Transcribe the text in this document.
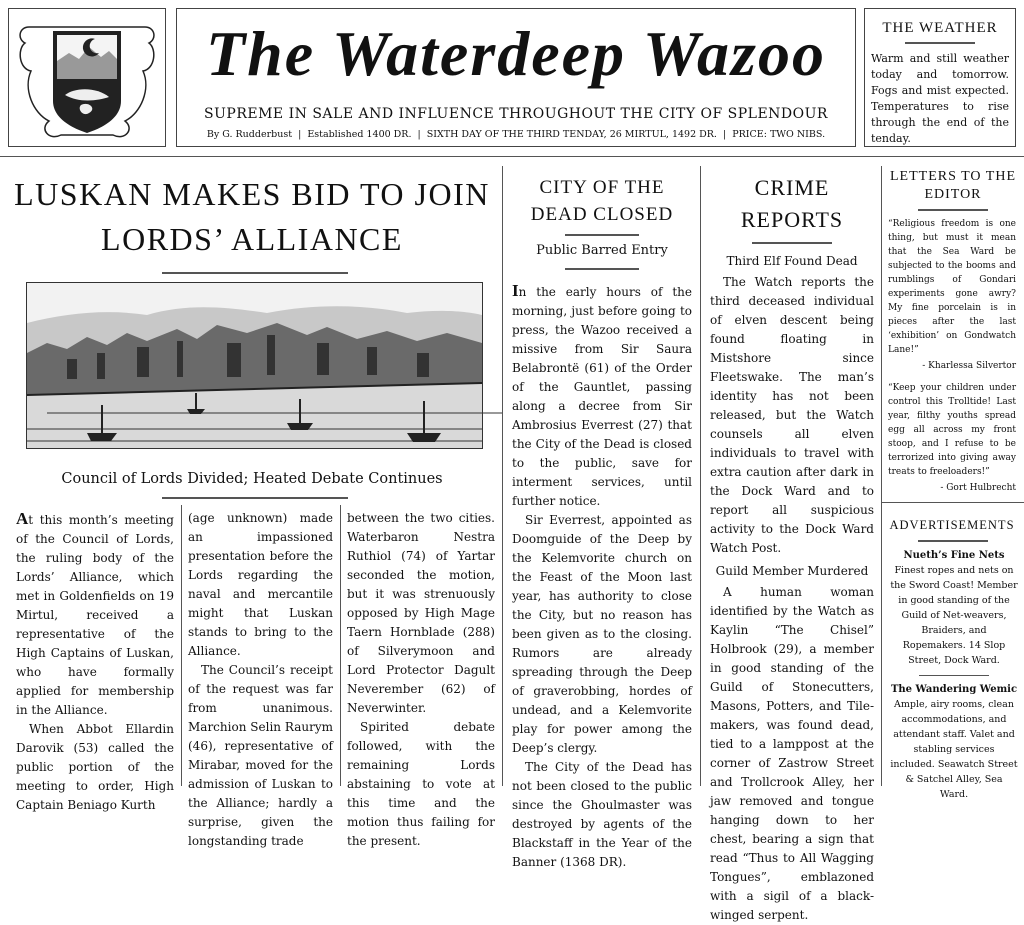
The Waterdeep Wazoo
SUPREME IN SALE AND INFLUENCE THROUGHOUT THE CITY OF SPLENDOUR
By G. Rudderbust  |  Established 1400 DR.  |  SIXTH DAY OF THE THIRD TENDAY, 26 MIRTUL, 1492 DR.  |  PRICE: TWO NIBS.
THE WEATHER
Warm and still weather today and tomorrow. Fogs and mist expected. Temperatures to rise through the end of the tenday.
LUSKAN MAKES BID TO JOIN LORDS’ ALLIANCE
Council of Lords Divided; Heated Debate Continues

At this month’s meeting of the Council of Lords, the ruling body of the Lords’ Alliance, which met in Goldenfields on 19 Mirtul, received a representative of the High Captains of Luskan, who have formally applied for membership in the Alliance.

When Abbot Ellardin Darovik (53) called the public portion of the meeting to order, High Captain Beniago Kurth

(age unknown) made an impassioned presentation before the Lords regarding the naval and mercantile might that Luskan stands to bring to the Alliance.

The Council’s receipt of the request was far from unanimous. Marchion Selin Raurym (46), representative of Mirabar, moved for the admission of Luskan to the Alliance; hardly a surprise, given the longstanding trade

between the two cities. Waterbaron Nestra Ruthiol (74) of Yartar seconded the motion, but it was strenuously opposed by High Mage Taern Hornblade (288) of Silverymoon and Lord Protector Dagult Neverember (62) of Neverwinter.

Spirited debate followed, with the remaining Lords abstaining to vote at this time and the motion thus failing for the present.

CITY OF THE DEAD CLOSED
Public Barred Entry

In the early hours of the morning, just before going to press, the Wazoo received a missive from Sir Saura Belabrontë (61) of the Order of the Gauntlet, passing along a decree from Sir Ambrosius Everrest (27) that the City of the Dead is closed to the public, save for interment services, until further notice.

Sir Everrest, appointed as Doomguide of the Deep by the Kelemvorite church on the Feast of the Moon last year, has authority to close the City, but no reason has been given as to the closing. Rumors are already spreading through the Deep of graverobbing, hordes of undead, and a Kelemvorite play for power among the Deep’s clergy.

The City of the Dead has not been closed to the public since the Ghoulmaster was destroyed by agents of the Blackstaff in the Year of the Banner (1368 DR).

CRIME REPORTS
Third Elf Found Dead

The Watch reports the third deceased individual of elven descent being found floating in Mistshore since Fleetswake. The man’s identity has not been released, but the Watch counsels all elven individuals to travel with extra caution after dark in the Dock Ward and to report all suspicious activity to the Dock Ward Watch Post.

Guild Member Murdered

A human woman identified by the Watch as Kaylin “The Chisel” Holbrook (29), a member in good standing of the Guild of Stonecutters, Masons, Potters, and Tile-makers, was found dead, tied to a lamppost at the corner of Zastrow Street and Trollcrook Alley, her jaw removed and tongue hanging down to her chest, bearing a sign that read “Thus to All Wagging Tongues”, emblazoned with a sigil of a black-winged serpent.

LETTERS TO THE EDITOR
“Religious freedom is one thing, but must it mean that the Sea Ward be subjected to the booms and rumblings of Gondari experiments gone awry? My fine porcelain is in pieces after the last ‘exhibition’ on Gondwatch Lane!”
- Kharlessa Silvertor
“Keep your children under control this Trolltide! Last year, filthy youths spread egg all across my front stoop, and I refuse to be terrorized into giving away treats to freeloaders!”
- Gort Hulbrecht
ADVERTISEMENTS
Nueth’s Fine Nets
Finest ropes and nets on the Sword Coast! Member in good standing of the Guild of Net-weavers, Braiders, and Ropemakers. 14 Slop Street, Dock Ward.
The Wandering Wemic
Ample, airy rooms, clean accommodations, and attendant staff. Valet and stabling services included. Seawatch Street & Satchel Alley, Sea Ward.
